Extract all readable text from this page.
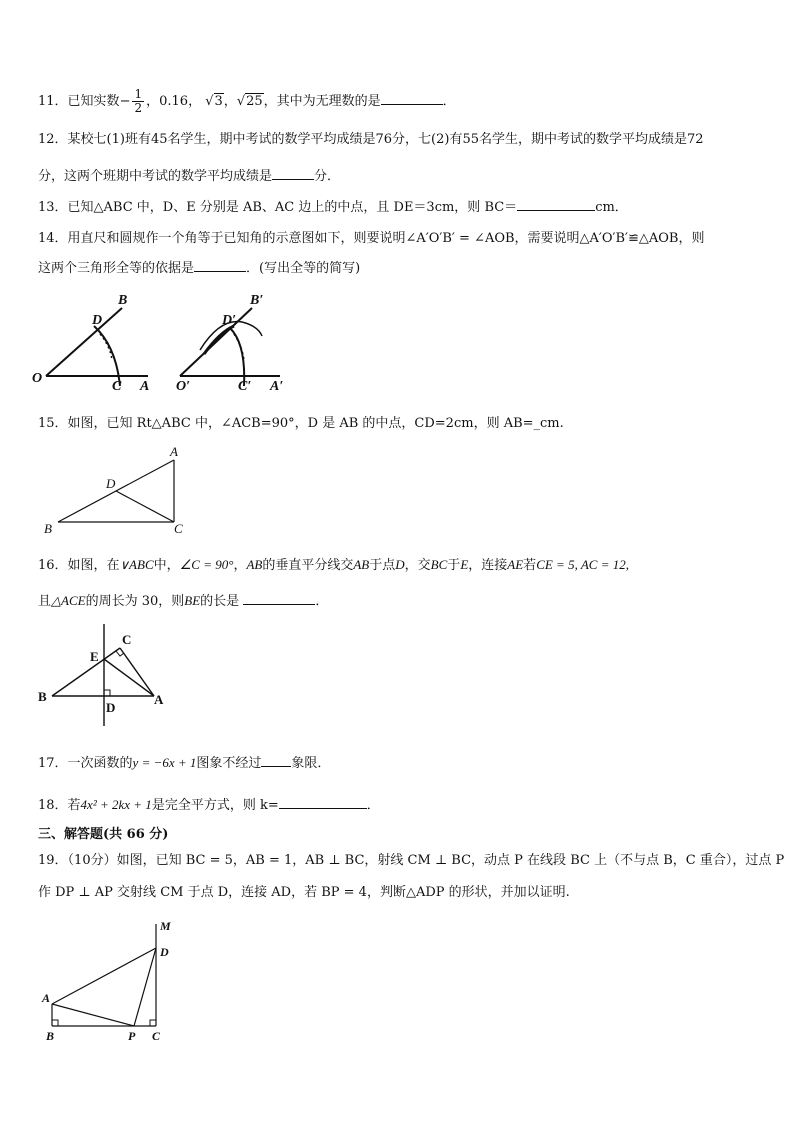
11．已知实数− $\frac{1}{2}$ ，0.16， √3，√25，其中为无理数的是	．
12．某校七(1)班有45名学生，期中考试的数学平均成绩是76分，七(2)有55名学生，期中考试的数学平均成绩是72
分，这两个班期中考试的数学平均成绩是	分．
13．已知△ABC 中，D、E 分别是 AB、AC 边上的中点，且 DE＝3cm，则 BC＝	cm．
14．用直尺和圆规作一个角等于已知角的示意图如下，则要说明∠A′O′B′ = ∠AOB，需要说明△A′O′B′≌△AOB，则
这两个三角形全等的依据是	．(写出全等的简写)
B
D
O
C A
B′
D′
O′	C′ A′
15．如图，已知 Rt△ABC 中，∠ACB=90°，D 是 AB 的中点，CD=2cm，则 AB=_cm.
A
D
B	C
16．如图，在∨ABC中，∠C = 90°，AB的垂直平分线交AB于点D，交BC于E，连接AE若CE = 5, AC = 12,
且△ACE的周长为 30，则BE的长是	．
C
E
B
D
A
17．一次函数的y = −6x + 1图象不经过 象限．
18．若4x² + 2kx + 1是完全平方式，则 k=	．
三、解答题(共 66 分)
19．（10分）如图，已知 BC = 5，AB = 1，AB ⊥ BC，射线 CM ⊥ BC，动点 P 在线段 BC 上（不与点 B，C 重合），过点 P
作 DP ⊥ AP 交射线 CM 于点 D，连接 AD，若 BP = 4，判断△ADP 的形状，并加以证明.
M
D
A
B	P C
